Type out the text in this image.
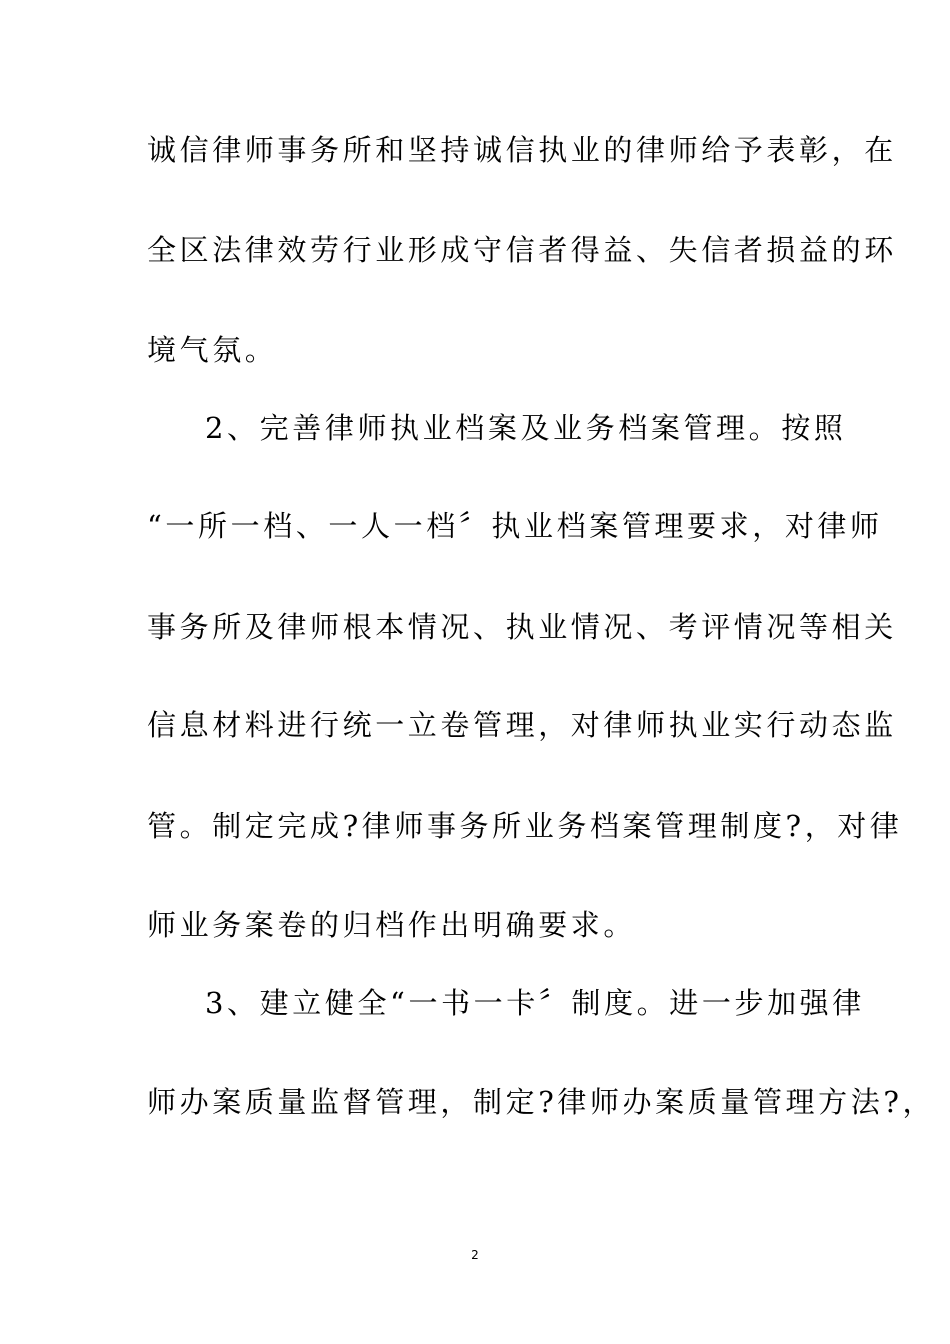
诚信律师事务所和坚持诚信执业的律师给予表彰，在
全区法律效劳行业形成守信者得益、失信者损益的环
境气氛。
2、完善律师执业档案及业务档案管理。按照
“一所一档、一人一档〞执业档案管理要求，对律师
事务所及律师根本情况、执业情况、考评情况等相关
信息材料进行统一立卷管理，对律师执业实行动态监
管。制定完成?律师事务所业务档案管理制度?，对律
师业务案卷的归档作出明确要求。
3、建立健全“一书一卡〞制度。进一步加强律
师办案质量监督管理，制定?律师办案质量管理方法?，
2
